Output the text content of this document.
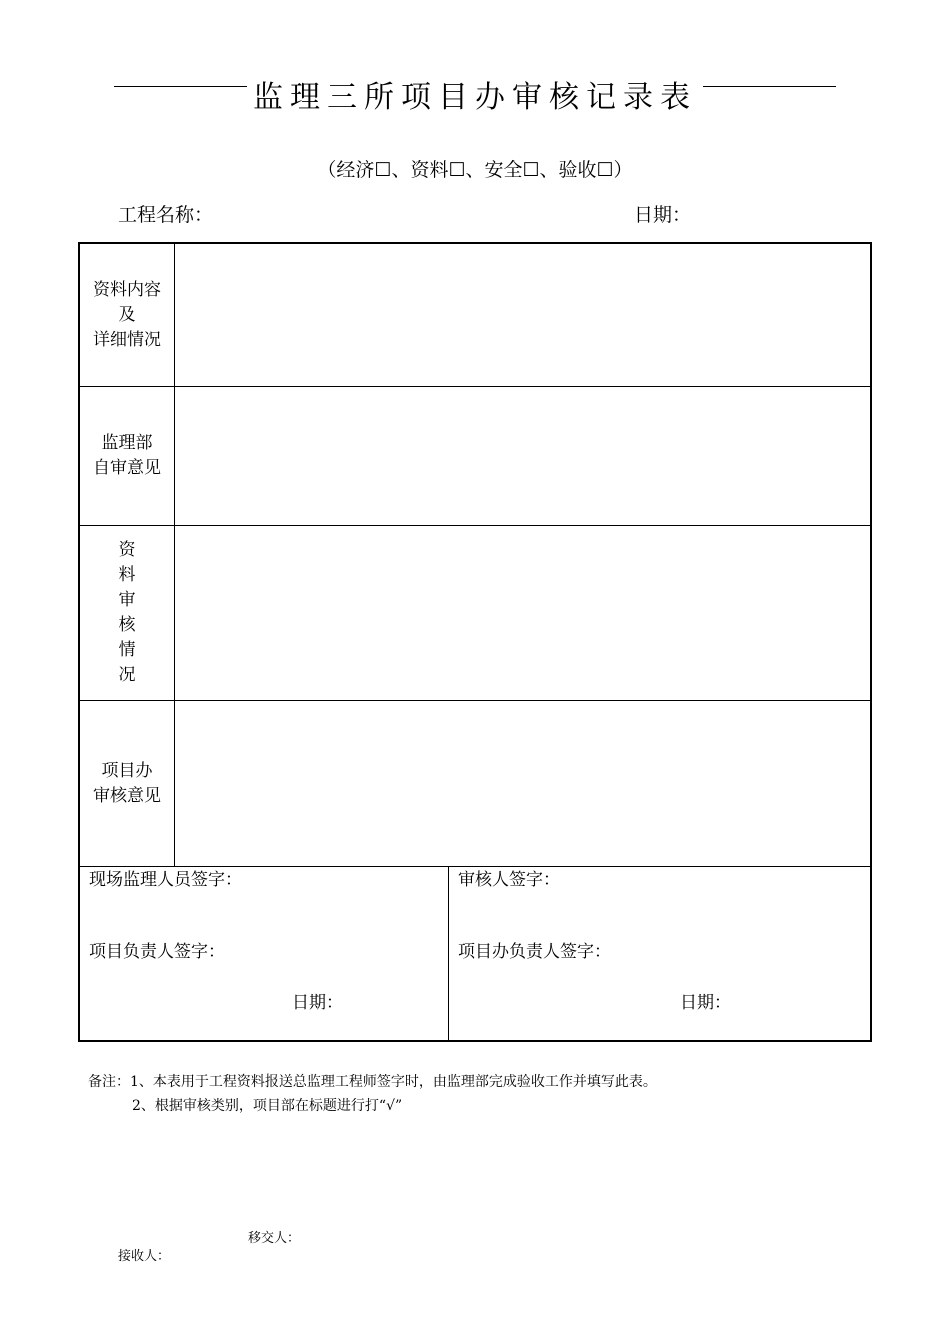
监理三所项目办审核记录表
（经济☐、资料☐、安全☐、验收☐）
工程名称：	日期：
资料内容
及
详细情况
监理部
自审意见
资
料
审
核
情
况
项目办
审核意见
现场监理人员签字：
项目负责人签字：
日期：
审核人签字：
项目办负责人签字：
日期：
备注：1、本表用于工程资料报送总监理工程师签字时，由监理部完成验收工作并填写此表。
2、根据审核类别，项目部在标题进行打“√”
移交人：
接收人：
